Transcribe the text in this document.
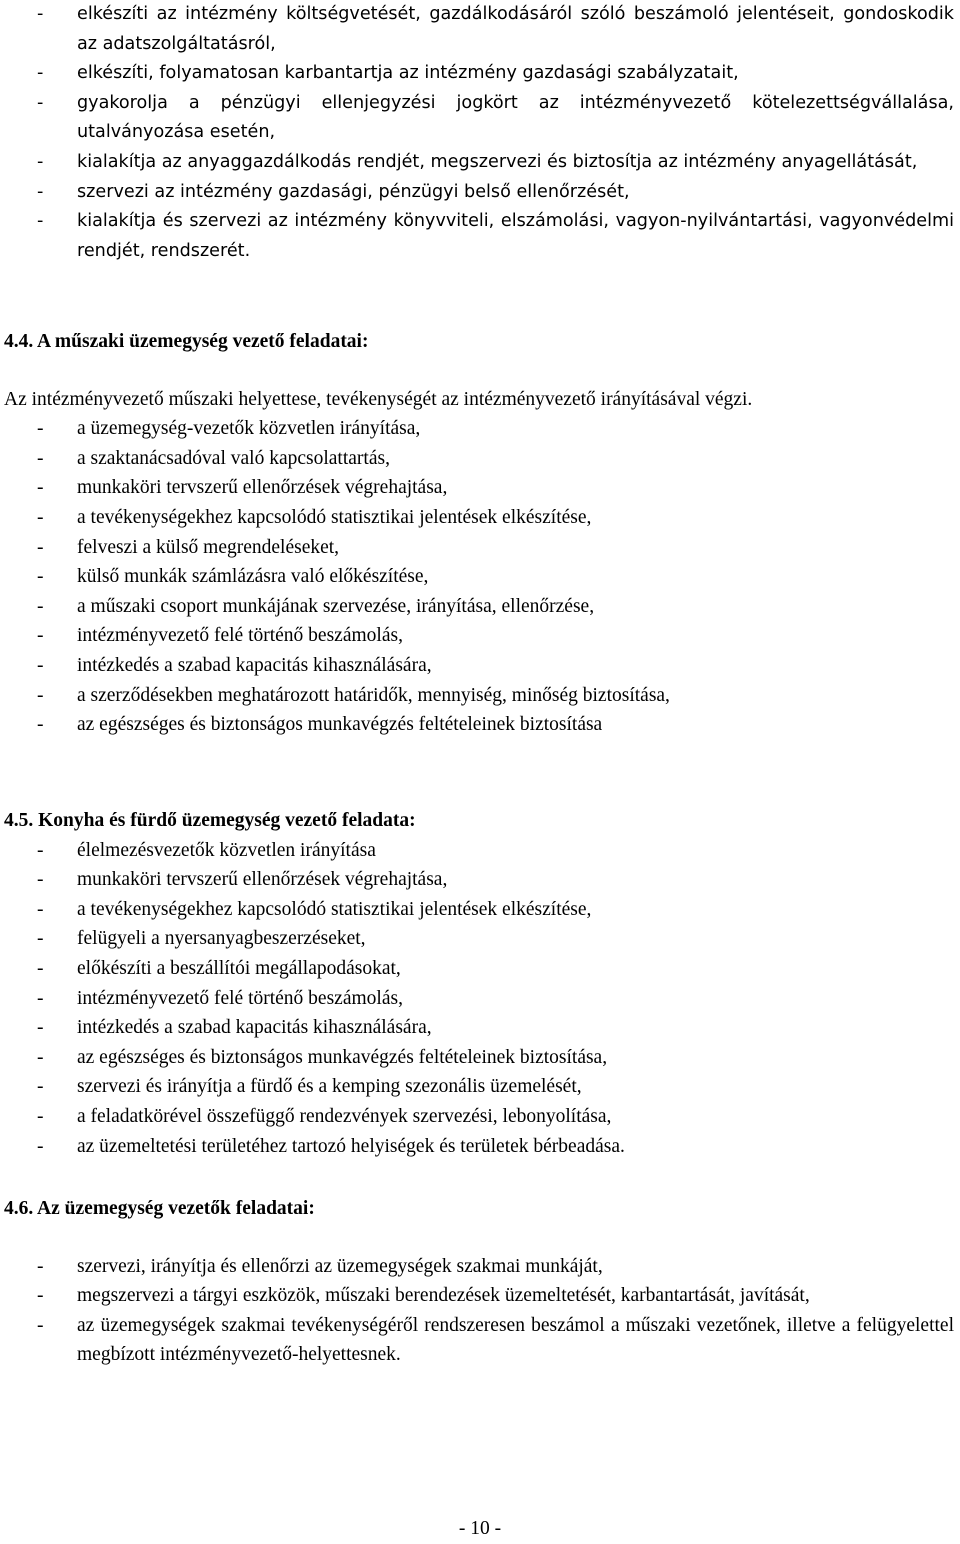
- elkészíti az intézmény költségvetését, gazdálkodásáról szóló beszámoló jelentéseit, gondoskodik az adatszolgáltatásról,
- elkészíti, folyamatosan karbantartja az intézmény gazdasági szabályzatait,
- gyakorolja a pénzügyi ellenjegyzési jogkört az intézményvezető kötelezettségvállalása, utalványozása esetén,
- kialakítja az anyaggazdálkodás rendjét, megszervezi és biztosítja az intézmény anyagellátását,
- szervezi az intézmény gazdasági, pénzügyi belső ellenőrzését,
- kialakítja és szervezi az intézmény könyvviteli, elszámolási, vagyon-nyilvántartási, vagyonvédelmi rendjét, rendszerét.
4.4. A műszaki üzemegység vezető feladatai:

Az intézményvezető műszaki helyettese, tevékenységét az intézményvezető irányításával végzi.

- a üzemegység-vezetők közvetlen irányítása,
- a szaktanácsadóval való kapcsolattartás,
- munkaköri tervszerű ellenőrzések végrehajtása,
- a tevékenységekhez kapcsolódó statisztikai jelentések elkészítése,
- felveszi a külső megrendeléseket,
- külső munkák számlázásra való előkészítése,
- a műszaki csoport munkájának szervezése, irányítása, ellenőrzése,
- intézményvezető felé történő beszámolás,
- intézkedés a szabad kapacitás kihasználására,
- a szerződésekben meghatározott határidők, mennyiség, minőség biztosítása,
- az egészséges és biztonságos munkavégzés feltételeinek biztosítása
4.5. Konyha és fürdő üzemegység vezető feladata:
- élelmezésvezetők közvetlen irányítása
- munkaköri tervszerű ellenőrzések végrehajtása,
- a tevékenységekhez kapcsolódó statisztikai jelentések elkészítése,
- felügyeli a nyersanyagbeszerzéseket,
- előkészíti a beszállítói megállapodásokat,
- intézményvezető felé történő beszámolás,
- intézkedés a szabad kapacitás kihasználására,
- az egészséges és biztonságos munkavégzés feltételeinek biztosítása,
- szervezi és irányítja a fürdő és a kemping szezonális üzemelését,
- a feladatkörével összefüggő rendezvények szervezési, lebonyolítása,
- az üzemeltetési területéhez tartozó helyiségek és területek bérbeadása.
4.6. Az üzemegység vezetők feladatai:
- szervezi, irányítja és ellenőrzi az üzemegységek szakmai munkáját,
- megszervezi a tárgyi eszközök, műszaki berendezések üzemeltetését, karbantartását, javítását,
- az üzemegységek szakmai tevékenységéről rendszeresen beszámol a műszaki vezetőnek, illetve a felügyelettel megbízott intézményvezető-helyettesnek.
- 10 -
